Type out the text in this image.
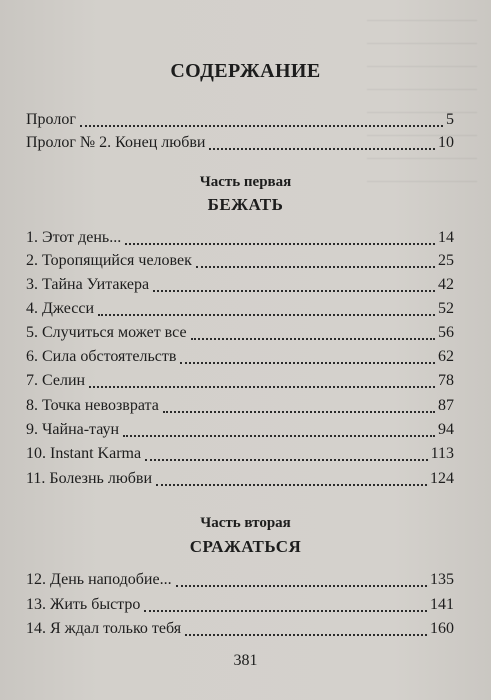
СОДЕРЖАНИЕ
Пролог	5
Пролог № 2. Конец любви	10
Часть первая
БЕЖАТЬ
1. Этот день...	14
2. Торопящийся человек	25
3. Тайна Уитакера	42
4. Джесси	52
5. Случиться может все	56
6. Сила обстоятельств	62
7. Селин	78
8. Точка невозврата	87
9. Чайна-таун	94
10. Instant Karma	113
11. Болезнь любви	124
Часть вторая
СРАЖАТЬСЯ
12. День наподобие...	135
13. Жить быстро	141
14. Я ждал только тебя	160
381
